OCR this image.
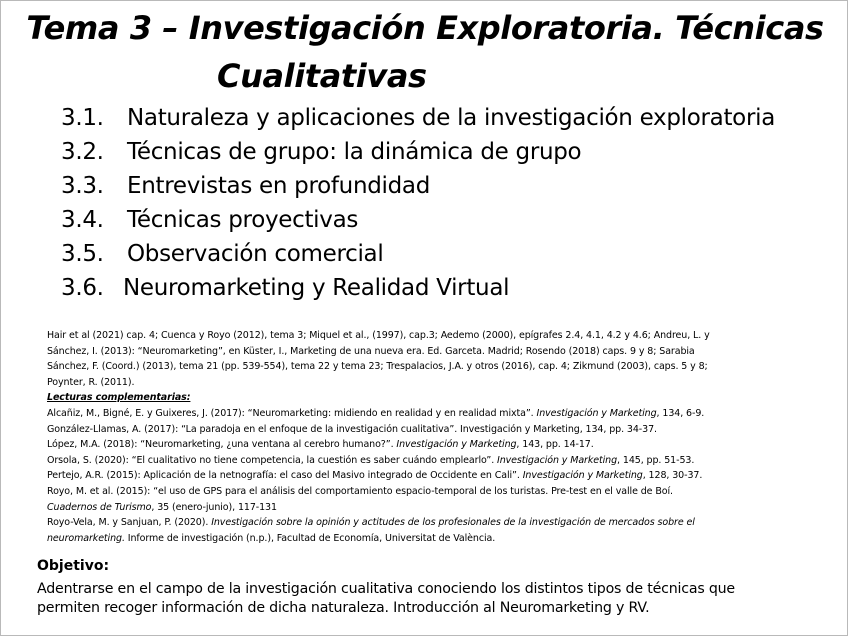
Tema 3 – Investigación Exploratoria. Técnicas
Cualitativas
3.1. Naturaleza y aplicaciones de la investigación exploratoria
3.2. Técnicas de grupo: la dinámica de grupo
3.3. Entrevistas en profundidad
3.4. Técnicas proyectivas
3.5. Observación comercial
3.6. Neuromarketing y Realidad Virtual

Hair et al (2021) cap. 4; Cuenca y Royo (2012), tema 3; Miquel et al., (1997), cap.3; Aedemo (2000), epígrafes 2.4, 4.1, 4.2 y 4.6; Andreu, L. y

Sánchez, I. (2013): “Neuromarketing”, en Küster, I., Marketing de una nueva era. Ed. Garceta. Madrid; Rosendo (2018) caps. 9 y 8; Sarabia

Sánchez, F. (Coord.) (2013), tema 21 (pp. 539-554), tema 22 y tema 23; Trespalacios, J.A. y otros (2016), cap. 4; Zikmund (2003), caps. 5 y 8;

Poynter, R. (2011).

Lecturas complementarias:

Alcañiz, M., Bigné, E. y Guixeres, J. (2017): “Neuromarketing: midiendo en realidad y en realidad mixta”. Investigación y Marketing, 134, 6-9.

González-Llamas, A. (2017): “La paradoja en el enfoque de la investigación cualitativa”. Investigación y Marketing, 134, pp. 34-37.

López, M.A. (2018): “Neuromarketing, ¿una ventana al cerebro humano?”. Investigación y Marketing, 143, pp. 14-17.

Orsola, S. (2020): “El cualitativo no tiene competencia, la cuestión es saber cuándo emplearlo”. Investigación y Marketing, 145, pp. 51-53.

Pertejo, A.R. (2015): Aplicación de la netnografía: el caso del Masivo integrado de Occidente en Cali”. Investigación y Marketing, 128, 30-37.

Royo, M. et al. (2015): “el uso de GPS para el análisis del comportamiento espacio-temporal de los turistas. Pre-test en el valle de Boí.

Cuadernos de Turismo, 35 (enero-junio), 117-131

Royo-Vela, M. y Sanjuan, P. (2020). Investigación sobre la opinión y actitudes de los profesionales de la investigación de mercados sobre el

neuromarketing. Informe de investigación (n.p.), Facultad de Economía, Universitat de València.

Objetivo:

Adentrarse en el campo de la investigación cualitativa conociendo los distintos tipos de técnicas que

permiten recoger información de dicha naturaleza. Introducción al Neuromarketing y RV.
